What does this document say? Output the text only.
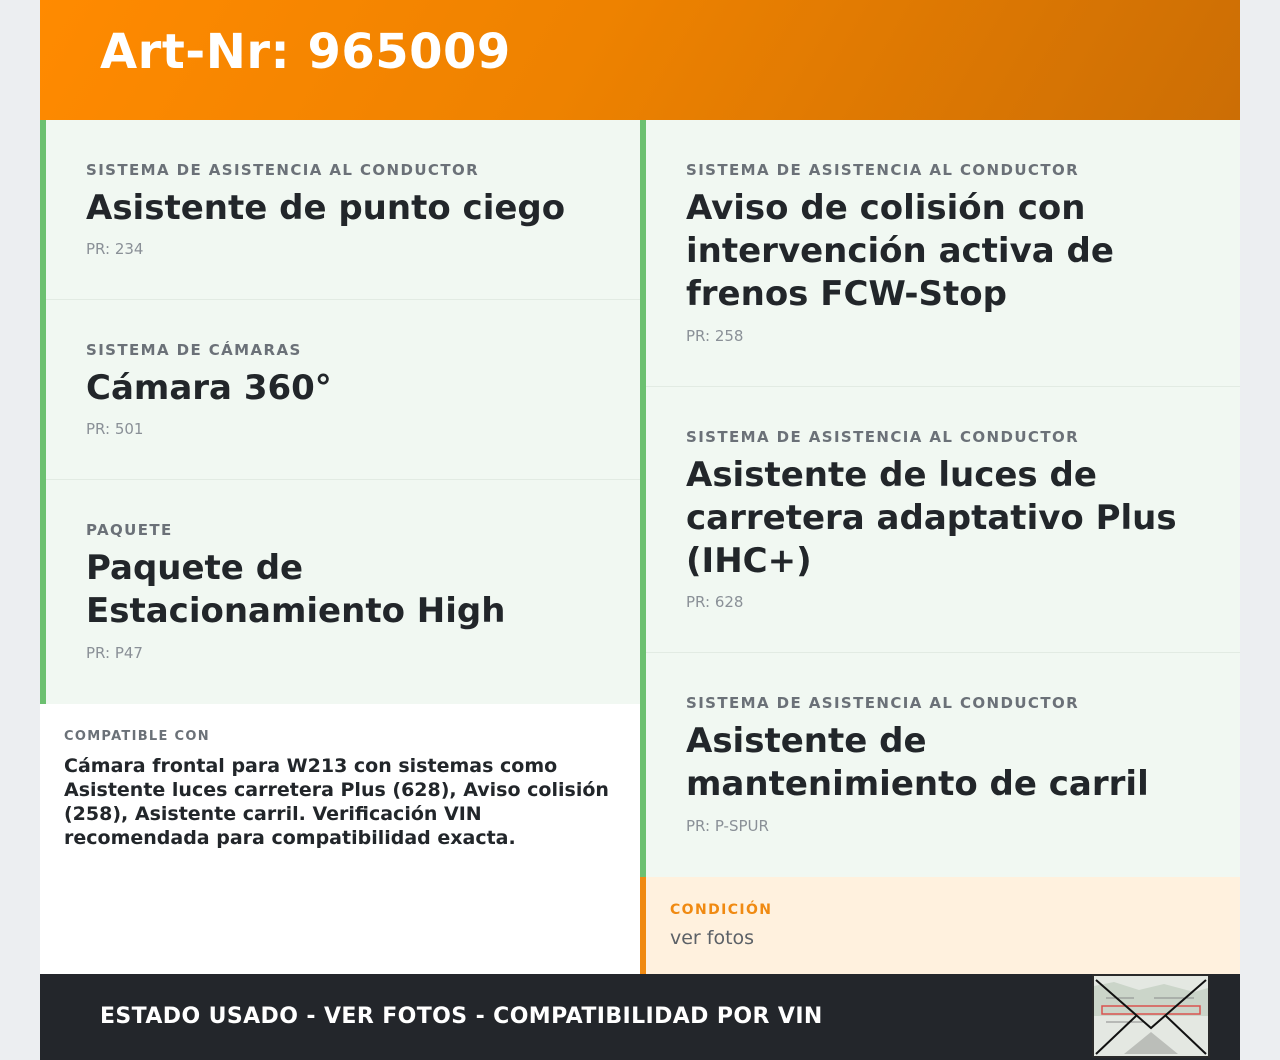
Art-Nr: 965009
SISTEMA DE ASISTENCIA AL CONDUCTOR
Asistente de punto ciego
PR: 234
SISTEMA DE CÁMARAS
Cámara 360°
PR: 501
PAQUETE
Paquete de Estacionamiento High
PR: P47
SISTEMA DE ASISTENCIA AL CONDUCTOR
Aviso de colisión con intervención activa de frenos FCW-Stop
PR: 258
SISTEMA DE ASISTENCIA AL CONDUCTOR
Asistente de luces de carretera adaptativo Plus (IHC+)
PR: 628
SISTEMA DE ASISTENCIA AL CONDUCTOR
Asistente de mantenimiento de carril
PR: P-SPUR
COMPATIBLE CON
Cámara frontal para W213 con sistemas como Asistente luces carretera Plus (628), Aviso colisión (258), Asistente carril. Verificación VIN recomendada para compatibilidad exacta.
CONDICIÓN
ver fotos
ESTADO USADO - VER FOTOS - COMPATIBILIDAD POR VIN
